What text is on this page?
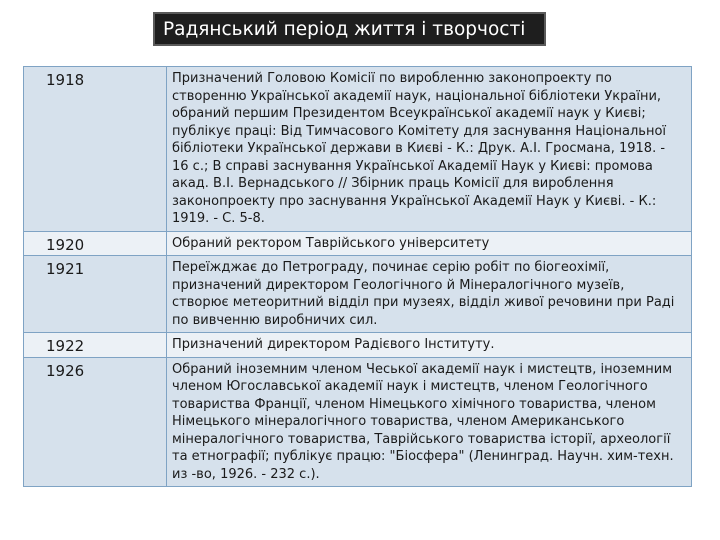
Радянський період життя і творчості
1918	Призначений Головою Комісії по виробленню законопроекту по створенню Української академії наук, національної бібліотеки України, обраний першим Президентом Всеукраїнської академії наук у Києві; публікує праці: Від Тимчасового Комітету для заснування Національної бібліотеки Української держави в Києві - К.: Друк. А.І. Гросмана, 1918. - 16 с.; В справі заснування Української Академії Наук у Києві: промова акад. В.І. Вернадського // Збірник праць Комісії для вироблення законопроекту про заснування Української Академії Наук у Києві. - К.: 1919. - С. 5-8.
1920	Обраний ректором Таврійського університету
1921	Переїжджає до Петрограду, починає серію робіт по біогеохімії, призначений директором Геологічного й Мінералогічного музеїв, створює метеоритний відділ при музеях, відділ живої речовини при Раді по вивченню виробничих сил.
1922	Призначений директором Радієвого Інституту.
1926	Обраний іноземним членом Чеської академії наук і мистецтв, іноземним членом Югославської академії наук і мистецтв, членом Геологічного товариства Франції, членом Німецького хімічного товариства, членом Німецького мінералогічного товариства, членом Американського мінералогічного товариства, Таврійського товариства історії, археології та етнографії; публікує працю: "Біосфера" (Ленинград. Научн. хим-техн. из -во, 1926. - 232 с.).
